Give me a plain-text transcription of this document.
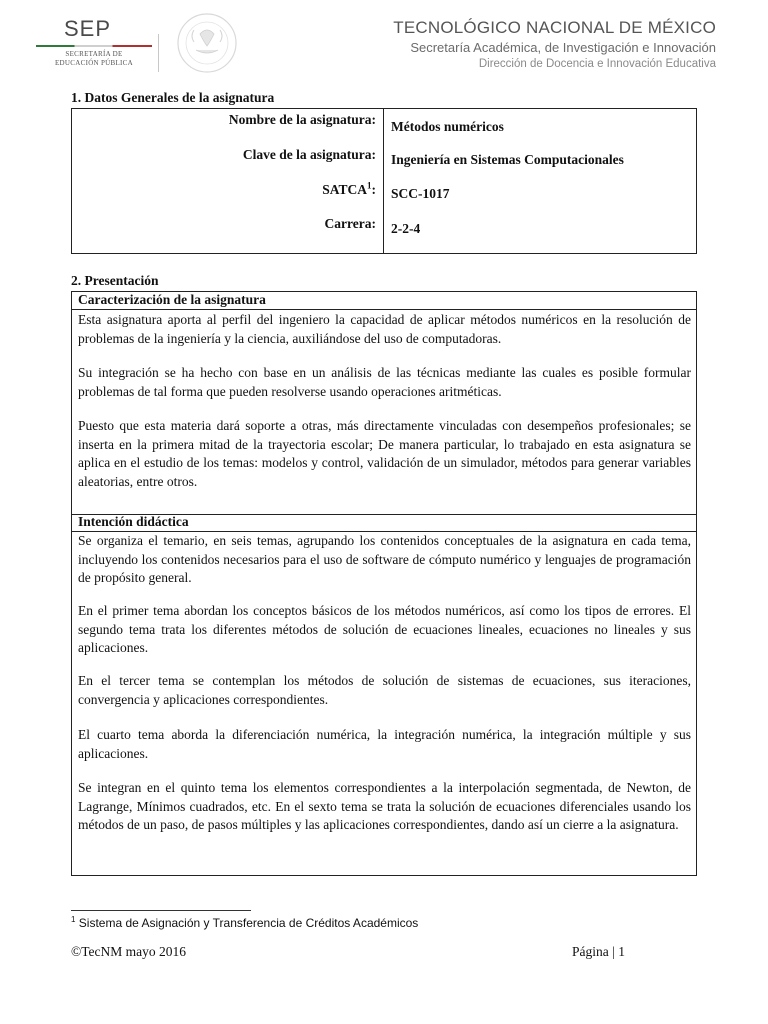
SEP
SECRETARÍA DE
EDUCACIÓN PÚBLICA
TECNOLÓGICO NACIONAL DE MÉXICO
Secretaría Académica, de Investigación e Innovación
Dirección de Docencia e Innovación Educativa
1. Datos Generales de la asignatura
Nombre de la asignatura: Métodos numéricos
Clave de la asignatura: Ingeniería en Sistemas Computacionales
SATCA$^1$: SCC-1017
Carrera: 2-2-4
2. Presentación
Caracterización de la asignatura
Esta asignatura aporta al perfil del ingeniero la capacidad de aplicar métodos numéricos en la resolución de problemas de la ingeniería y la ciencia, auxiliándose del uso de computadoras.
Su integración se ha hecho con base en un análisis de las técnicas mediante las cuales es posible formular problemas de tal forma que pueden resolverse usando operaciones aritméticas.
Puesto que esta materia dará soporte a otras, más directamente vinculadas con desempeños profesionales; se inserta en la primera mitad de la trayectoria escolar; De manera particular, lo trabajado en esta asignatura se aplica en el estudio de los temas: modelos y control, validación de un simulador, métodos para generar variables aleatorias, entre otros.
Intención didáctica
Se organiza el temario, en seis temas, agrupando los contenidos conceptuales de la asignatura en cada tema, incluyendo los contenidos necesarios para el uso de software de cómputo numérico y lenguajes de programación de propósito general.
En el primer tema abordan los conceptos básicos de los métodos numéricos, así como los tipos de errores. El segundo tema trata los diferentes métodos de solución de ecuaciones lineales, ecuaciones no lineales y sus aplicaciones.
En el tercer tema se contemplan los métodos de solución de sistemas de ecuaciones, sus iteraciones, convergencia y aplicaciones correspondientes.
El cuarto tema aborda la diferenciación numérica, la integración numérica, la integración múltiple y sus aplicaciones.
Se integran en el quinto tema los elementos correspondientes a la interpolación segmentada, de Newton, de Lagrange, Mínimos cuadrados, etc. En el sexto tema se trata la solución de ecuaciones diferenciales usando los métodos de un paso, de pasos múltiples y las aplicaciones correspondientes, dando así un cierre a la asignatura.
$^1$ Sistema de Asignación y Transferencia de Créditos Académicos
©TecNM mayo 2016	Página | 1
